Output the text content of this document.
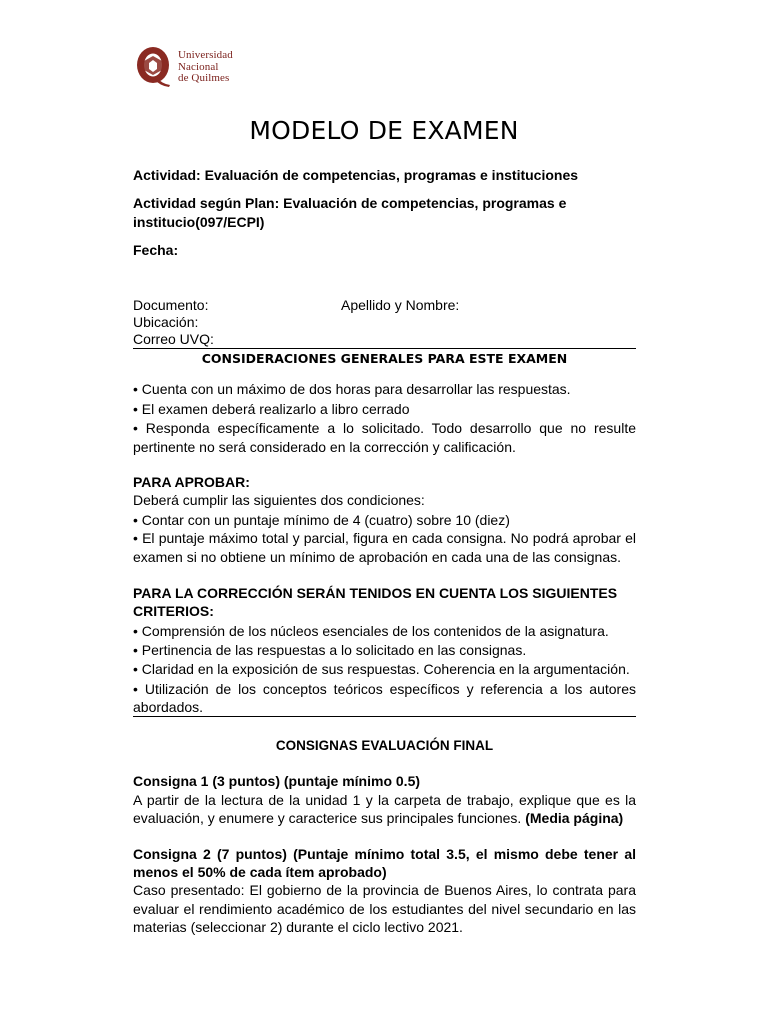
Universidad
Nacional
de Quilmes
MODELO DE EXAMEN
Actividad: Evaluación de competencias, programas e instituciones
Actividad según Plan: Evaluación de competencias, programas e
institucio(097/ECPI)
Fecha:
Documento:	Apellido y Nombre:
Ubicación:
Correo UVQ:
CONSIDERACIONES GENERALES PARA ESTE EXAMEN
• Cuenta con un máximo de dos horas para desarrollar las respuestas.
• El examen deberá realizarlo a libro cerrado
• Responda específicamente a lo solicitado. Todo desarrollo que no resulte
pertinente no será considerado en la corrección y calificación.
PARA APROBAR:
Deberá cumplir las siguientes dos condiciones:
• Contar con un puntaje mínimo de 4 (cuatro) sobre 10 (diez)
• El puntaje máximo total y parcial, figura en cada consigna. No podrá aprobar el
examen si no obtiene un mínimo de aprobación en cada una de las consignas.
PARA LA CORRECCIÓN SERÁN TENIDOS EN CUENTA LOS SIGUIENTES
CRITERIOS:
• Comprensión de los núcleos esenciales de los contenidos de la asignatura.
• Pertinencia de las respuestas a lo solicitado en las consignas.
• Claridad en la exposición de sus respuestas. Coherencia en la argumentación.
• Utilización de los conceptos teóricos específicos y referencia a los autores
abordados.
CONSIGNAS EVALUACIÓN FINAL
Consigna 1 (3 puntos) (puntaje mínimo 0.5)
A partir de la lectura de la unidad 1 y la carpeta de trabajo, explique que es la
evaluación, y enumere y caracterice sus principales funciones. (Media página)
Consigna 2 (7 puntos) (Puntaje mínimo total 3.5, el mismo debe tener al
menos el 50% de cada ítem aprobado)
Caso presentado: El gobierno de la provincia de Buenos Aires, lo contrata para
evaluar el rendimiento académico de los estudiantes del nivel secundario en las
materias (seleccionar 2) durante el ciclo lectivo 2021.
